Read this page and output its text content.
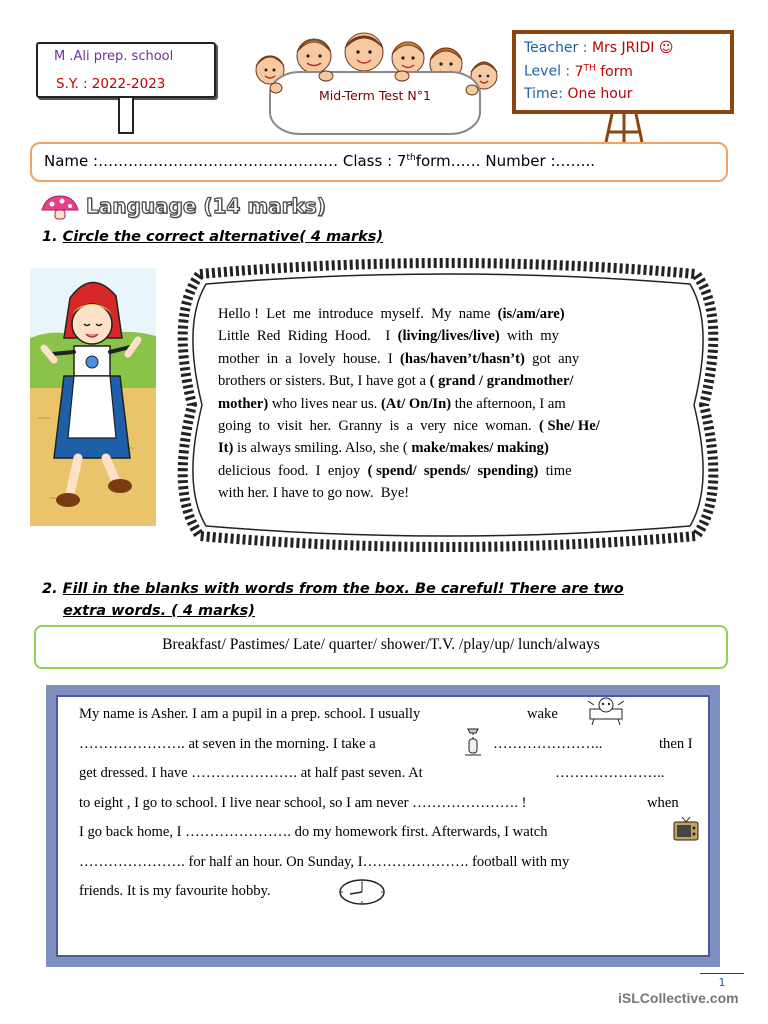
M .Ali prep. school
S.Y. : 2022-2023
Mid-Term Test N°1
Teacher : Mrs JRIDI ☺
Level : 7TH form
Time: One hour
Name :………………………………………… Class : 7thform…… Number :……..
Language (14 marks)
1. Circle the correct alternative( 4 marks)
Hello !  Let  me  introduce  myself.  My  name  (is/am/are)
Little  Red  Riding  Hood.    I  (living/lives/live)  with  my
mother  in  a  lovely  house.  I  (has/haven’t/hasn’t)  got  any
brothers or sisters. But, I have got a ( grand / grandmother/
mother) who lives near us. (At/ On/In) the afternoon, I am
going  to  visit  her.  Granny  is  a  very  nice  woman.  ( She/ He/
It) is always smiling. Also, she ( make/makes/ making)
delicious  food.  I  enjoy  ( spend/  spends/  spending)  time
with her. I have to go now.  Bye!
2. Fill in the blanks with words from the box. Be careful! There are two
extra words. ( 4 marks)
Breakfast/ Pastimes/ Late/ quarter/ shower/T.V. /play/up/ lunch/always
My name is Asher. I am a pupil in a prep. school. I usually	wake
…………………. at seven in the morning. I take a	…………………..	then I
get dressed. I have …………………. at half past seven. At	…………………..
to eight , I go to school. I live near school, so I am never …………………. !	when
I go back home, I …………………. do my homework first. Afterwards, I watch
…………………. for half an hour. On Sunday, I…………………. football with my
friends. It is my favourite hobby.
1
iSLCollective.com
